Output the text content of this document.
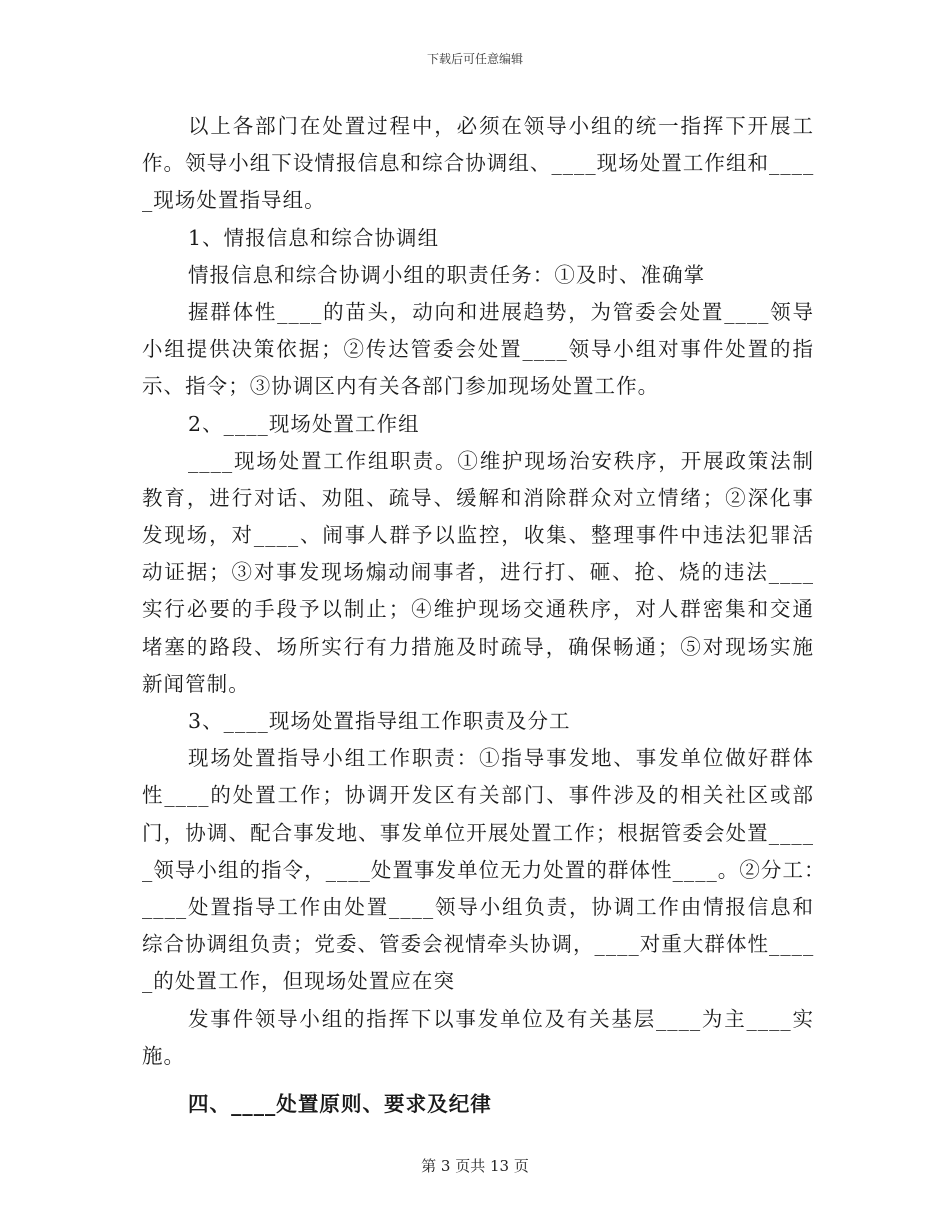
下载后可任意编辑
以上各部门在处置过程中，必须在领导小组的统一指挥下开展工
作。领导小组下设情报信息和综合协调组、____现场处置工作组和____
_现场处置指导组。
1、情报信息和综合协调组
情报信息和综合协调小组的职责任务：①及时、准确掌
握群体性____的苗头，动向和进展趋势，为管委会处置____领导
小组提供决策依据；②传达管委会处置____领导小组对事件处置的指
示、指令；③协调区内有关各部门参加现场处置工作。
2、____现场处置工作组
____现场处置工作组职责。①维护现场治安秩序，开展政策法制
教育，进行对话、劝阻、疏导、缓解和消除群众对立情绪；②深化事
发现场，对____、闹事人群予以监控，收集、整理事件中违法犯罪活
动证据；③对事发现场煽动闹事者，进行打、砸、抢、烧的违法____
实行必要的手段予以制止；④维护现场交通秩序，对人群密集和交通
堵塞的路段、场所实行有力措施及时疏导，确保畅通；⑤对现场实施
新闻管制。
3、____现场处置指导组工作职责及分工
现场处置指导小组工作职责：①指导事发地、事发单位做好群体
性____的处置工作；协调开发区有关部门、事件涉及的相关社区或部
门，协调、配合事发地、事发单位开展处置工作；根据管委会处置____
_领导小组的指令，____处置事发单位无力处置的群体性____。②分工：
____处置指导工作由处置____领导小组负责，协调工作由情报信息和
综合协调组负责；党委、管委会视情牵头协调，____对重大群体性____
_的处置工作，但现场处置应在突
发事件领导小组的指挥下以事发单位及有关基层____为主____实
施。
四、____处置原则、要求及纪律
第 3 页共 13 页
